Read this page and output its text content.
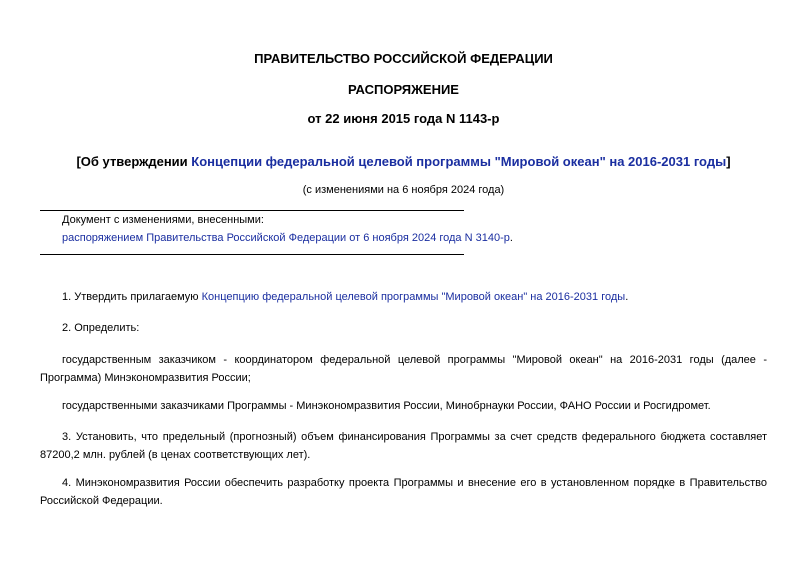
ПРАВИТЕЛЬСТВО РОССИЙСКОЙ ФЕДЕРАЦИИ
РАСПОРЯЖЕНИЕ
от 22 июня 2015 года N 1143-р
[Об утверждении Концепции федеральной целевой программы "Мировой океан" на 2016-2031 годы]
(с изменениями на 6 ноября 2024 года)
Документ с изменениями, внесенными:
распоряжением Правительства Российской Федерации от 6 ноября 2024 года N 3140-р.

1. Утвердить прилагаемую Концепцию федеральной целевой программы "Мировой океан" на 2016-2031 годы.

2. Определить:

государственным заказчиком - координатором федеральной целевой программы "Мировой океан" на 2016-2031 годы (далее - Программа) Минэкономразвития России;

государственными заказчиками Программы - Минэкономразвития России, Минобрнауки России, ФАНО России и Росгидромет.

3. Установить, что предельный (прогнозный) объем финансирования Программы за счет средств федерального бюджета составляет 87200,2 млн. рублей (в ценах соответствующих лет).

4. Минэкономразвития России обеспечить разработку проекта Программы и внесение его в установленном порядке в Правительство Российской Федерации.
